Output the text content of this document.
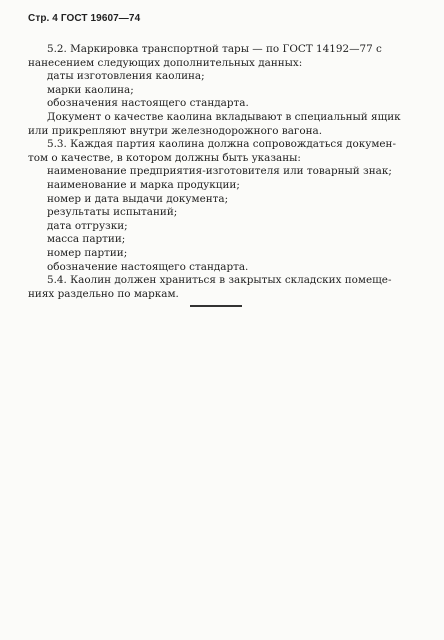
Стр. 4 ГОСТ 19607—74
5.2. Маркировка транспортной тары — по ГОСТ 14192—77 с
нанесением следующих дополнительных данных:
даты изготовления каолина;
марки каолина;
обозначения настоящего стандарта.
Документ о качестве каолина вкладывают в специальный ящик
или прикрепляют внутри железнодорожного вагона.
5.3. Каждая партия каолина должна сопровождаться докумен-
том о качестве, в котором должны быть указаны:
наименование предприятия-изготовителя или товарный знак;
наименование и марка продукции;
номер и дата выдачи документа;
результаты испытаний;
дата отгрузки;
масса партии;
номер партии;
обозначение настоящего стандарта.
5.4. Каолин должен храниться в закрытых складских помеще-
ниях раздельно по маркам.
